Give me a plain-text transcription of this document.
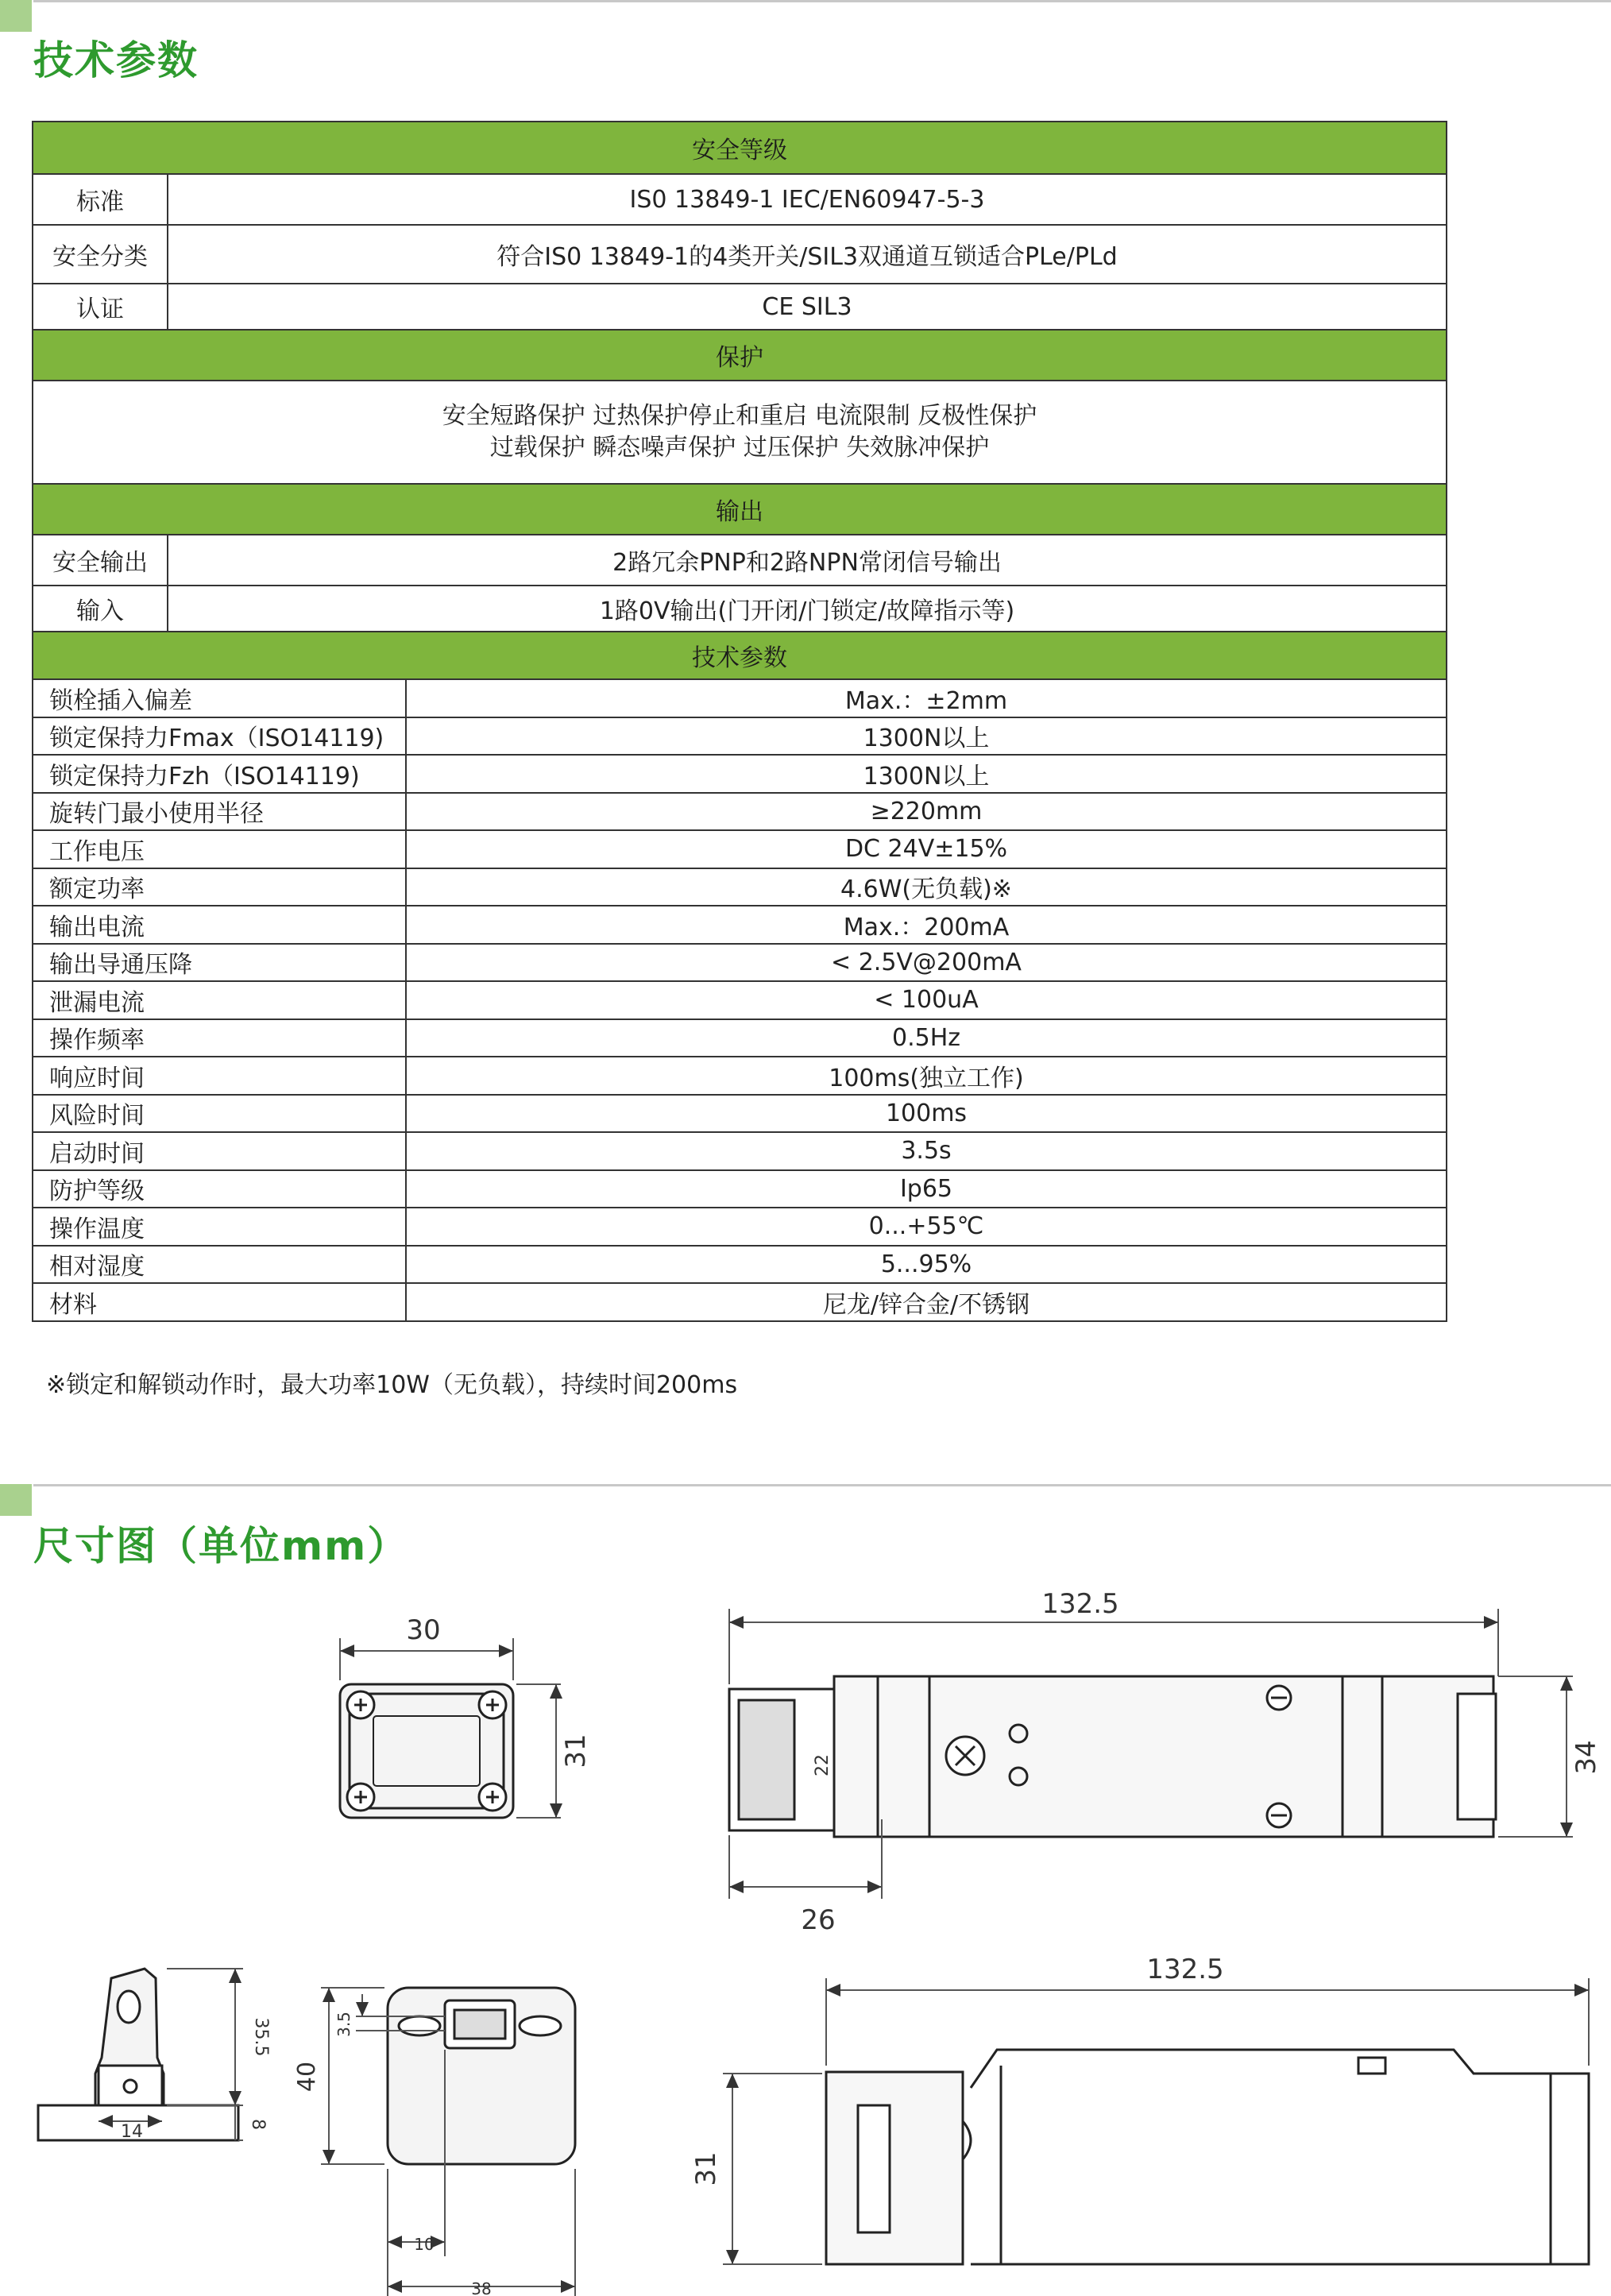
技术参数
安全等级		
标准	IS0 13849-1 IEC/EN60947-5-3	
安全分类	符合IS0 13849-1的4类开关/SIL3双通道互锁适合PLe/PLd	
认证	CE SIL3	
保护		

安全短路保护 过热保护停止和重启 电流限制 反极性保护
过载保护 瞬态噪声保护 过压保护 失效脉冲保护		

输出		
安全输出	2路冗余PNP和2路NPN常闭信号输出	
输入	1路0V输出(门开闭/门锁定/故障指示等)	
技术参数		
锁栓插入偏差		Max.：±2mm
锁定保持力Fmax（ISO14119)		1300N以上
锁定保持力Fzh（ISO14119)		1300N以上
旋转门最小使用半径		≥220mm
工作电压		DC 24V±15%
额定功率		4.6W(无负载)※
输出电流		Max.：200mA
输出导通压降		< 2.5V@200mA
泄漏电流		< 100uA
操作频率		0.5Hz
响应时间		100ms(独立工作)
风险时间		100ms
启动时间		3.5s
防护等级		Ip65
操作温度		0...+55℃
相对湿度		5...95%
材料		尼龙/锌合金/不锈钢

※锁定和解锁动作时，最大功率10W（无负载），持续时间200ms

尺寸图（单位mm）
30
31
132.5
34
22
26
132.5
31
35.5
14	8
40
3.5
10
38
